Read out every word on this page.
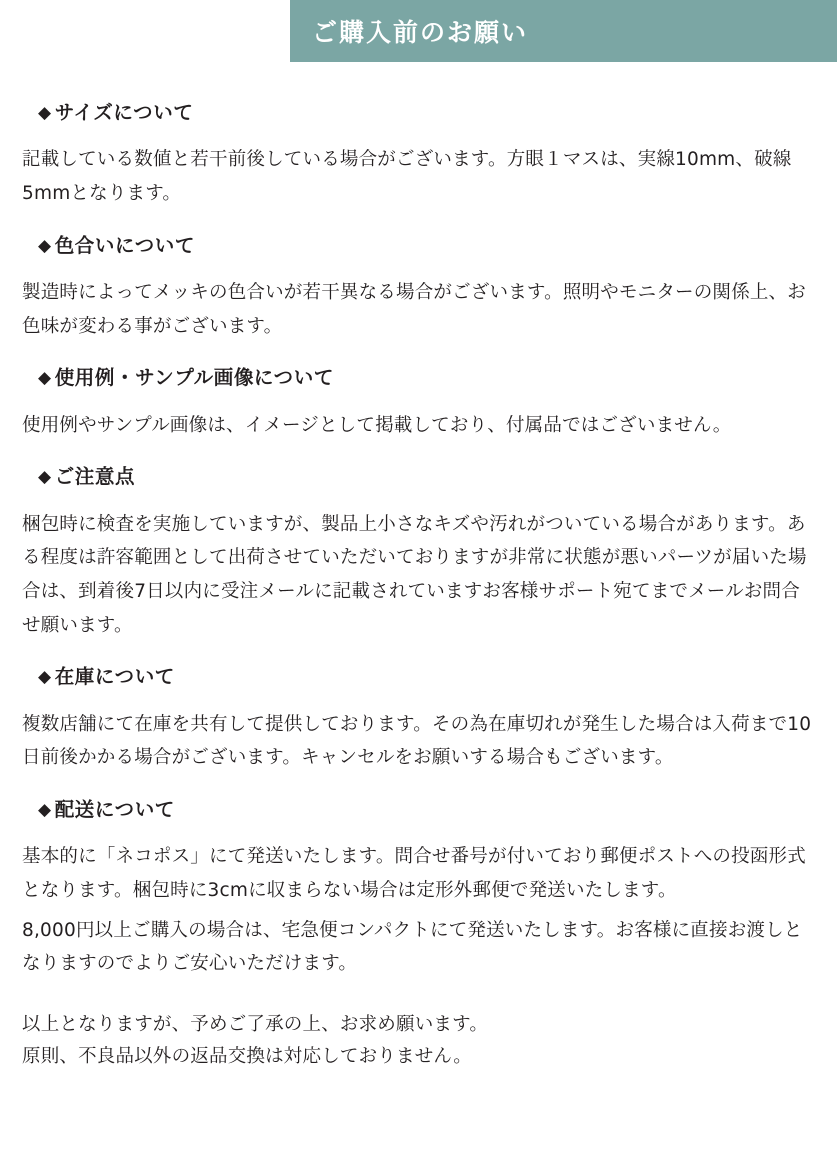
ご購入前のお願い
◆ サイズについて

記載している数値と若干前後している場合がございます。方眼１マスは、実線10mm、破線5mmとなります。

◆ 色合いについて

製造時によってメッキの色合いが若干異なる場合がございます。照明やモニターの関係上、お色味が変わる事がございます。

◆ 使用例・サンプル画像について

使用例やサンプル画像は、イメージとして掲載しており、付属品ではございません。

◆ ご注意点

梱包時に検査を実施していますが、製品上小さなキズや汚れがついている場合があります。ある程度は許容範囲として出荷させていただいておりますが非常に状態が悪いパーツが届いた場合は、到着後7日以内に受注メールに記載されていますお客様サポート宛てまでメールお問合せ願います。

◆ 在庫について

複数店舗にて在庫を共有して提供しております。その為在庫切れが発生した場合は入荷まで10日前後かかる場合がございます。キャンセルをお願いする場合もございます。

◆ 配送について

基本的に「ネコポス」にて発送いたします。問合せ番号が付いており郵便ポストへの投函形式となります。梱包時に3cmに収まらない場合は定形外郵便で発送いたします。

8,000円以上ご購入の場合は、宅急便コンパクトにて発送いたします。お客様に直接お渡しとなりますのでよりご安心いただけます。

以上となりますが、予めご了承の上、お求め願います。

原則、不良品以外の返品交換は対応しておりません。
